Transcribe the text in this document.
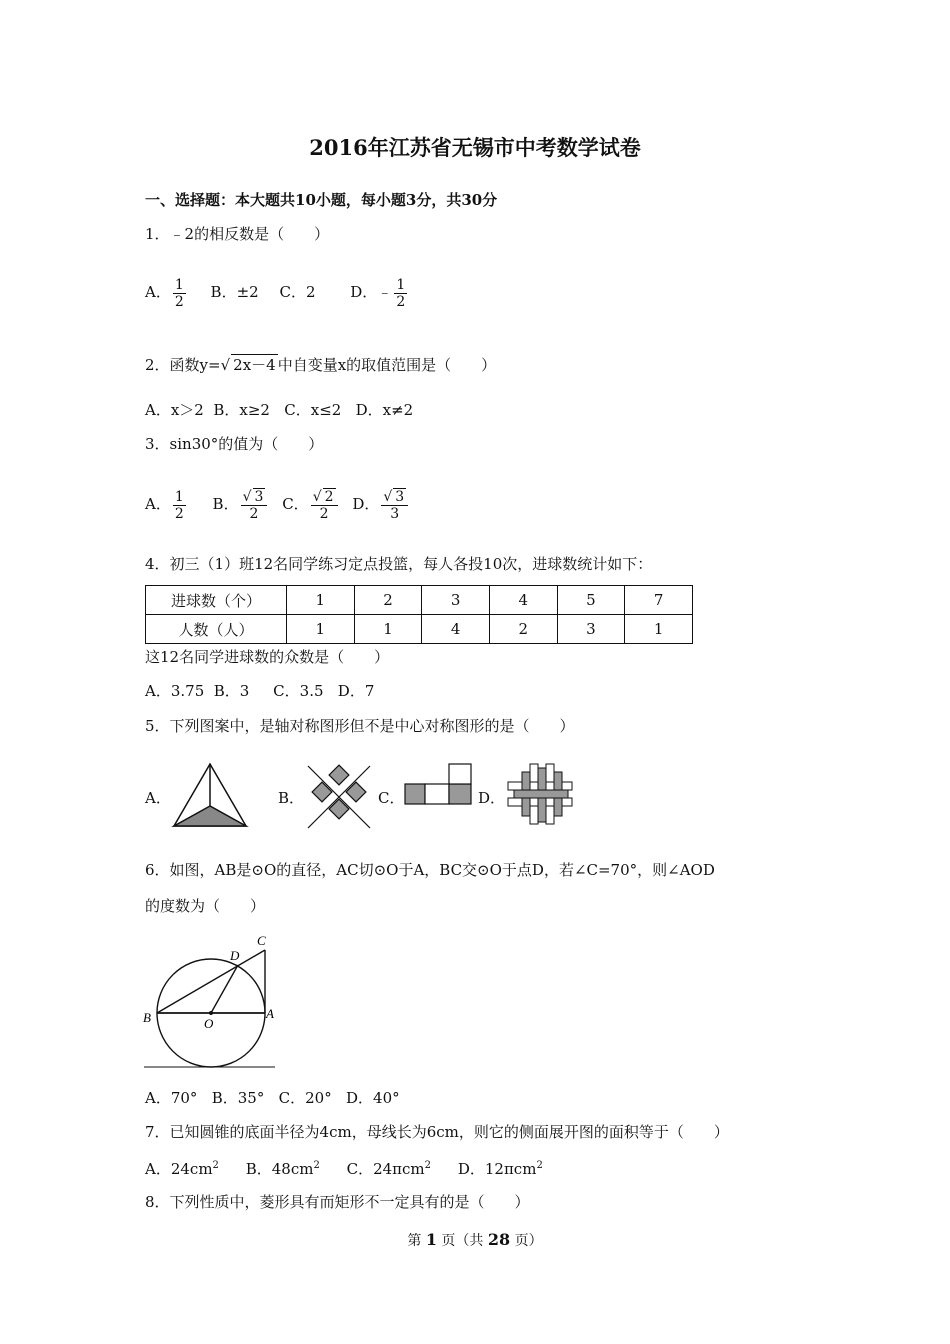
2016年江苏省无锡市中考数学试卷
一、选择题：本大题共10小题，每小题3分，共30分
1．﹣2的相反数是（　　）
A． $\frac{1}{2}$ B．±2 C．2 D．﹣ $\frac{1}{2}$
2．函数y=√ 2x－4 中自变量x的取值范围是（　　）
A．x＞2  B．x≥2   C．x≤2   D．x≠2
3．sin30°的值为（　　）
A． $\frac{1}{2}$ B． $\frac{√ 3}{2}$ C． $\frac{√ 2}{2}$ D． $\frac{√ 3}{3}$
4．初三（1）班12名同学练习定点投篮，每人各投10次，进球数统计如下：
进球数（个）	1	2	3	4	5	7
人数（人）	1	1	4	2	3	1
这12名同学进球数的众数是（　　）
A．3.75  B．3     C．3.5   D．7
5．下列图案中，是轴对称图形但不是中心对称图形的是（　　）
A．	B．	C．	D．
6．如图，AB是⊙O的直径，AC切⊙O于A，BC交⊙O于点D，若∠C=70°，则∠AOD
的度数为（　　）
B	O
A
D
C
A．70°   B．35°   C．20°   D．40°
7．已知圆锥的底面半径为4cm，母线长为6cm，则它的侧面展开图的面积等于（　　）
A．$24cm^2$ B．$48cm^2$ C．24πcm$^2$ D．12πcm$^2$
8．下列性质中，菱形具有而矩形不一定具有的是（　　）
第 1 页（共 28 页）
